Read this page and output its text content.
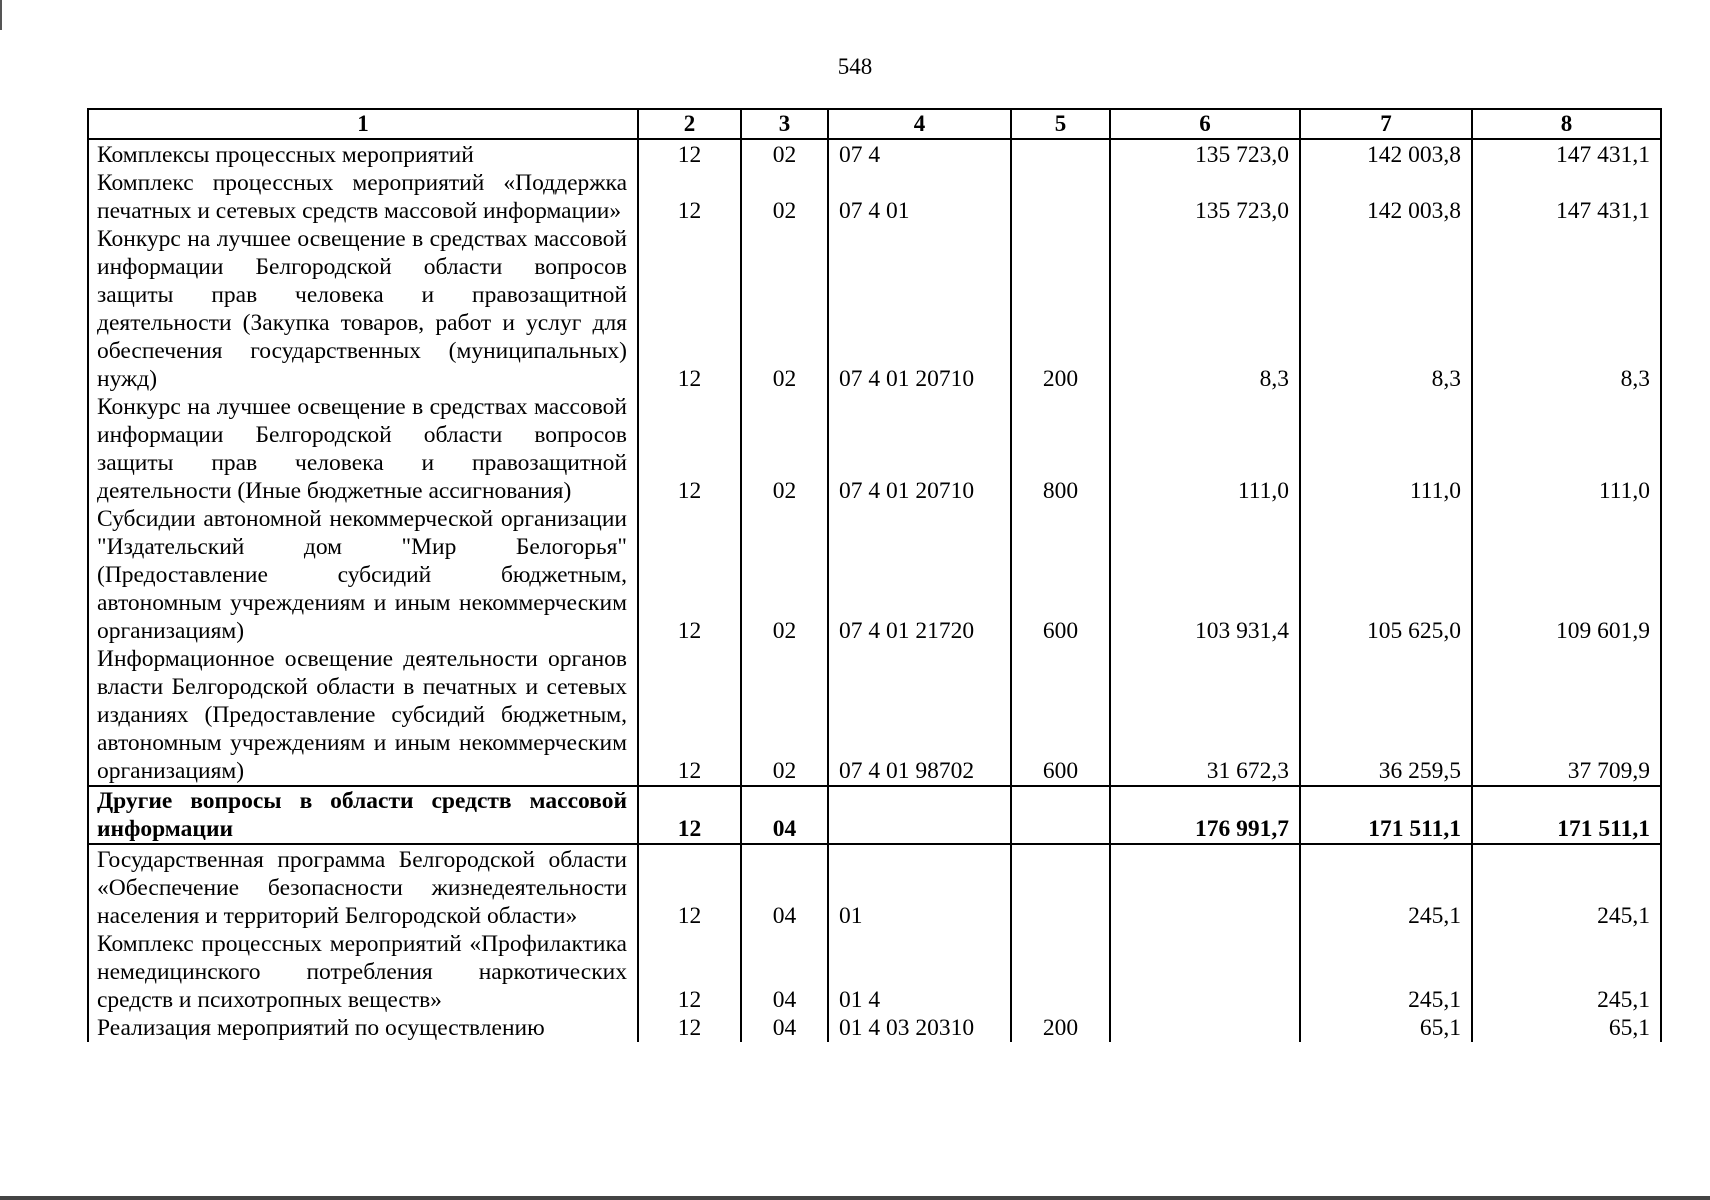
548
1	2	3	4	5	6	7	8
Комплексы процессных мероприятий	12	02	07 4		135 723,0	142 003,8	147 431,1
Комплекс процессных мероприятий «Поддержка печатных и сетевых средств массовой информации»	12	02	07 4 01		135 723,0	142 003,8	147 431,1
Конкурс на лучшее освещение в средствах массовой информации Белгородской области вопросов защиты прав человека и правозащитной деятельности (Закупка товаров, работ и услуг для обеспечения государственных (муниципальных) нужд)	12	02	07 4 01 20710	200	8,3	8,3	8,3
Конкурс на лучшее освещение в средствах массовой информации Белгородской области вопросов защиты прав человека и правозащитной деятельности (Иные бюджетные ассигнования)	12	02	07 4 01 20710	800	111,0	111,0	111,0
Субсидии автономной некоммерческой организации "Издательский дом "Мир Белогорья" (Предоставление субсидий бюджетным, автономным учреждениям и иным некоммерческим организациям)	12	02	07 4 01 21720	600	103 931,4	105 625,0	109 601,9
Информационное освещение деятельности органов власти Белгородской области в печатных и сетевых изданиях (Предоставление субсидий бюджетным, автономным учреждениям и иным некоммерческим организациям)	12	02	07 4 01 98702	600	31 672,3	36 259,5	37 709,9
Другие вопросы в области средств массовой информации	12	04			176 991,7	171 511,1	171 511,1
Государственная программа Белгородской области «Обеспечение безопасности жизнедеятельности населения и территорий Белгородской области»	12	04	01			245,1	245,1
Комплекс процессных мероприятий «Профилактика немедицинского потребления наркотических средств и психотропных веществ»	12	04	01 4			245,1	245,1
Реализация мероприятий по осуществлению	12	04	01 4 03 20310	200		65,1	65,1
